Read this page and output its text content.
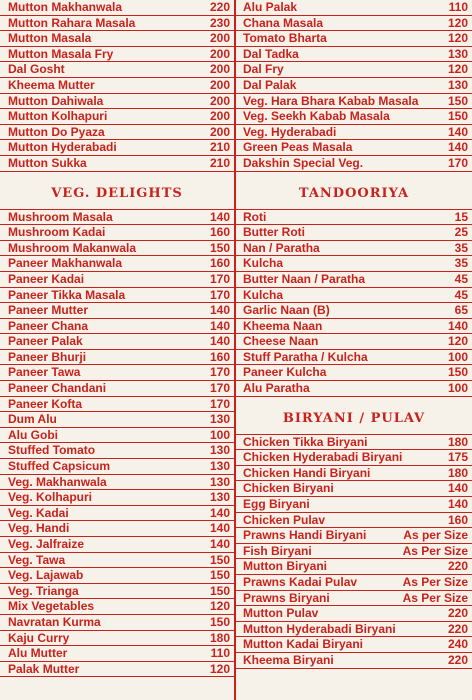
Mutton Makhanwala	220
Mutton Rahara Masala	230
Mutton Masala	200
Mutton Masala Fry	200
Dal Gosht	200
Kheema Mutter	200
Mutton Dahiwala	200
Mutton Kolhapuri	200
Mutton Do Pyaza	200
Mutton Hyderabadi	210
Mutton Sukka	210
VEG. DELIGHTS
Mushroom Masala	140
Mushroom Kadai	160
Mushroom Makanwala	150
Paneer Makhanwala	160
Paneer Kadai	170
Paneer Tikka Masala	170
Paneer Mutter	140
Paneer Chana	140
Paneer Palak	140
Paneer Bhurji	160
Paneer Tawa	170
Paneer Chandani	170
Paneer Kofta	170
Dum Alu	130
Alu Gobi	100
Stuffed Tomato	130
Stuffed Capsicum	130
Veg. Makhanwala	130
Veg. Kolhapuri	130
Veg. Kadai	140
Veg. Handi	140
Veg. Jalfraize	140
Veg. Tawa	150
Veg. Lajawab	150
Veg. Trianga	150
Mix Vegetables	120
Navratan Kurma	150
Kaju Curry	180
Alu Mutter	110
Palak Mutter	120
Alu Palak	110
Chana Masala	120
Tomato Bharta	120
Dal Tadka	130
Dal Fry	120
Dal Palak	130
Veg. Hara Bhara Kabab Masala 150
Veg. Seekh Kabab Masala	150
Veg. Hyderabadi	140
Green Peas Masala	140
Dakshin Special Veg.	170
TANDOORIYA
Roti	15
Butter Roti	25
Nan / Paratha	35
Kulcha	35
Butter Naan / Paratha	45
Kulcha	45
Garlic Naan (B)	65
Kheema Naan	140
Cheese Naan	120
Stuff Paratha / Kulcha	100
Paneer Kulcha	150
Alu Paratha	100
BIRYANI / PULAV
Chicken Tikka Biryani	180
Chicken Hyderabadi Biryani	175
Chicken Handi Biryani	180
Chicken Biryani	140
Egg Biryani	140
Chicken Pulav	160
Prawns Handi Biryani	As per Size
Fish Biryani	As Per Size
Mutton Biryani	220
Prawns Kadai Pulav	As Per Size
Prawns Biryani	As Per Size
Mutton Pulav	220
Mutton Hyderabadi Biryani	220
Mutton Kadai Biryani	240
Kheema Biryani	220
